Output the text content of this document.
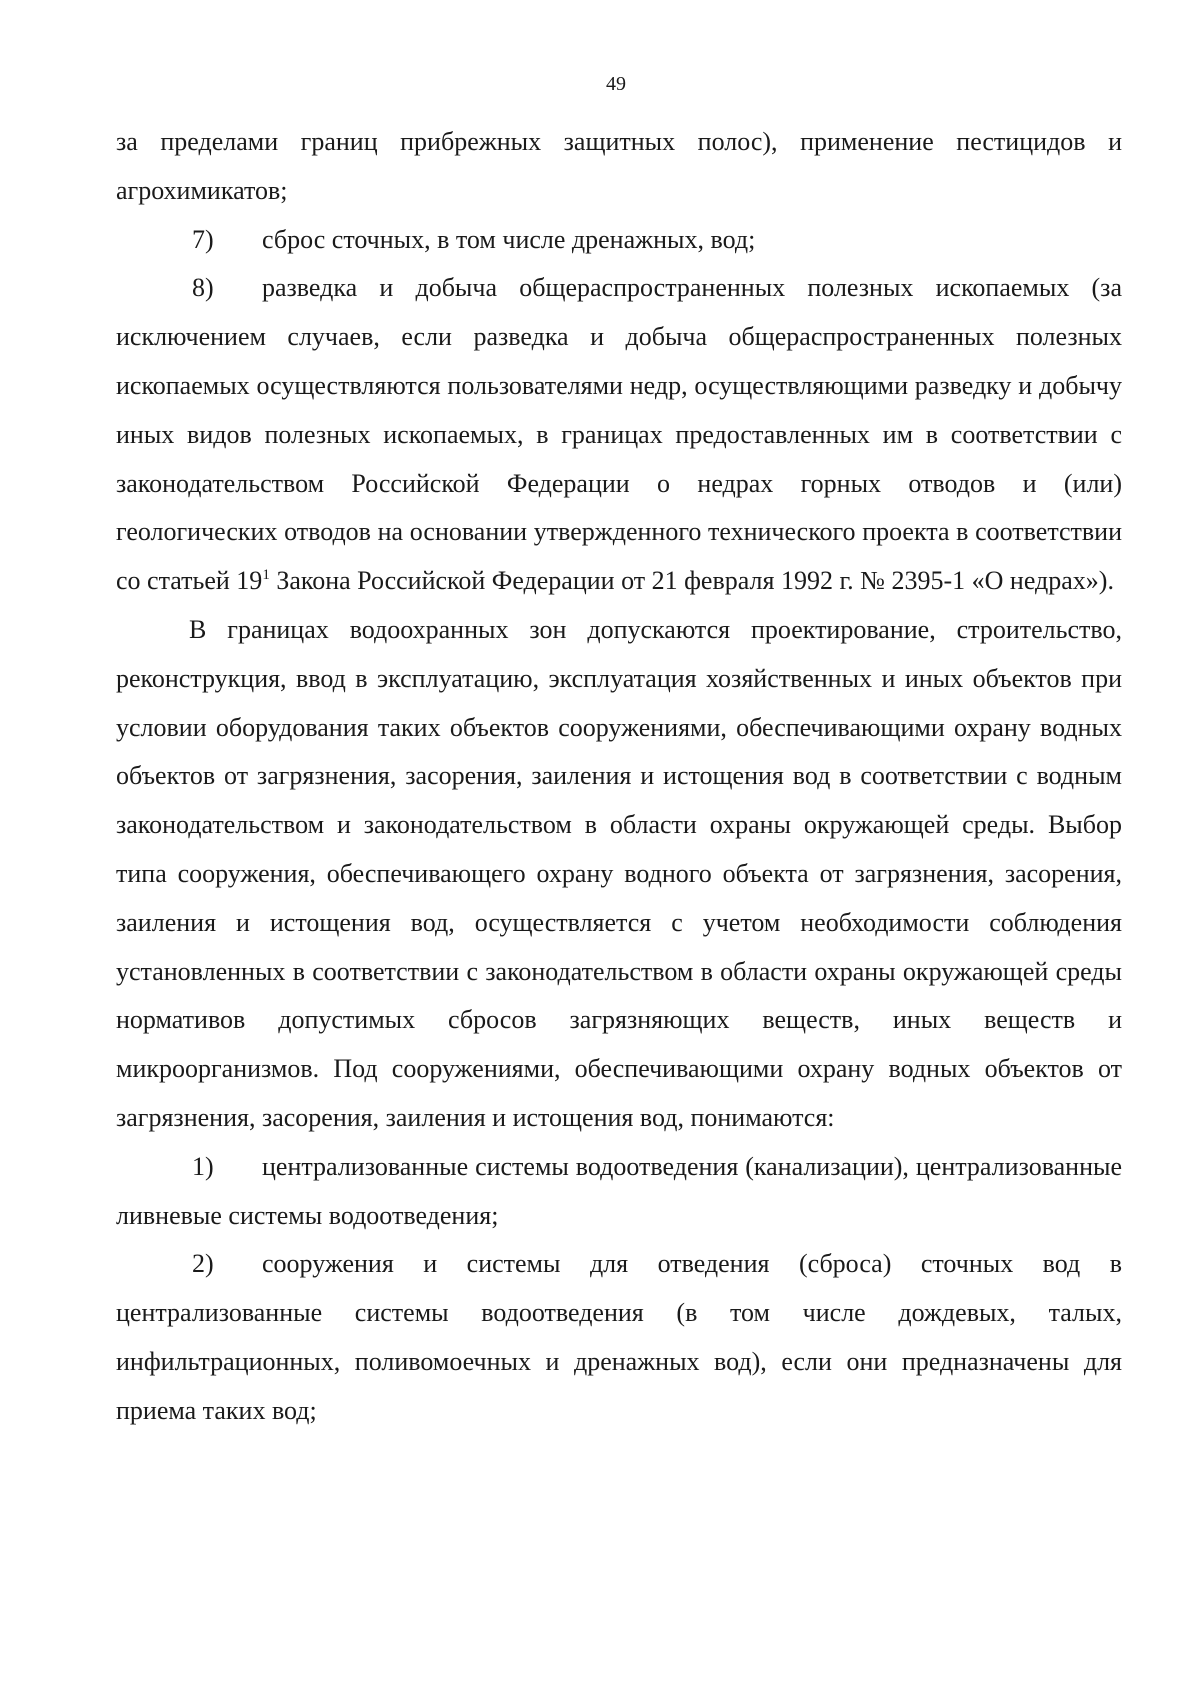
49

за пределами границ прибрежных защитных полос), применение пестицидов и агрохимикатов;

7) сброс сточных, в том числе дренажных, вод;

8) разведка и добыча общераспространенных полезных ископаемых (за исключением случаев, если разведка и добыча общераспространенных полезных ископаемых осуществляются пользователями недр, осуществляющими разведку и добычу иных видов полезных ископаемых, в границах предоставленных им в соответствии с законодательством Российской Федерации о недрах горных отводов и (или) геологических отводов на основании утвержденного технического проекта в соответствии со статьей $19^1$ Закона Российской Федерации от 21 февраля 1992 г. № 2395-1 «О недрах»).

В границах водоохранных зон допускаются проектирование, строительство, реконструкция, ввод в эксплуатацию, эксплуатация хозяйственных и иных объектов при условии оборудования таких объектов сооружениями, обеспечивающими охрану водных объектов от загрязнения, засорения, заиления и истощения вод в соответствии с водным законодательством и законодательством в области охраны окружающей среды. Выбор типа сооружения, обеспечивающего охрану водного объекта от загрязнения, засорения, заиления и истощения вод, осуществляется с учетом необходимости соблюдения установленных в соответствии с законодательством в области охраны окружающей среды нормативов допустимых сбросов загрязняющих веществ, иных веществ и микроорганизмов. Под сооружениями, обеспечивающими охрану водных объектов от загрязнения, засорения, заиления и истощения вод, понимаются:

1) централизованные системы водоотведения (канализации), централизованные ливневые системы водоотведения;

2) сооружения и системы для отведения (сброса) сточных вод в централизованные системы водоотведения (в том числе дождевых, талых, инфильтрационных, поливомоечных и дренажных вод), если они предназначены для приема таких вод;
